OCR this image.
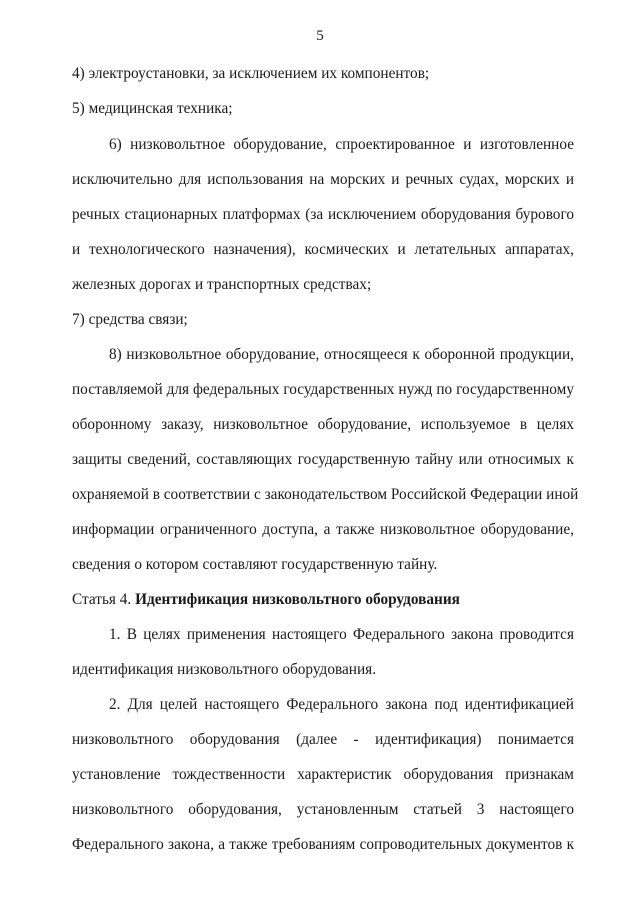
5
4) электроустановки, за исключением их компонентов;
5) медицинская техника;
6) низковольтное оборудование, спроектированное и изготовленное
исключительно для использования на морских и речных судах, морских и
речных стационарных платформах (за исключением оборудования бурового
и технологического назначения), космических и летательных аппаратах,
железных дорогах и транспортных средствах;
7) средства связи;
8) низковольтное оборудование, относящееся к оборонной продукции,
поставляемой для федеральных государственных нужд по государственному
оборонному заказу, низковольтное оборудование, используемое в целях
защиты сведений, составляющих государственную тайну или относимых к
охраняемой в соответствии с законодательством Российской Федерации иной
информации ограниченного доступа, а также низковольтное оборудование,
сведения о котором составляют государственную тайну.
Статья 4. Идентификация низковольтного оборудования
1. В целях применения настоящего Федерального закона проводится
идентификация низковольтного оборудования.
2. Для целей настоящего Федерального закона под идентификацией
низковольтного оборудования (далее - идентификация) понимается
установление тождественности характеристик оборудования признакам
низковольтного оборудования, установленным статьей 3 настоящего
Федерального закона, а также требованиям сопроводительных документов к
